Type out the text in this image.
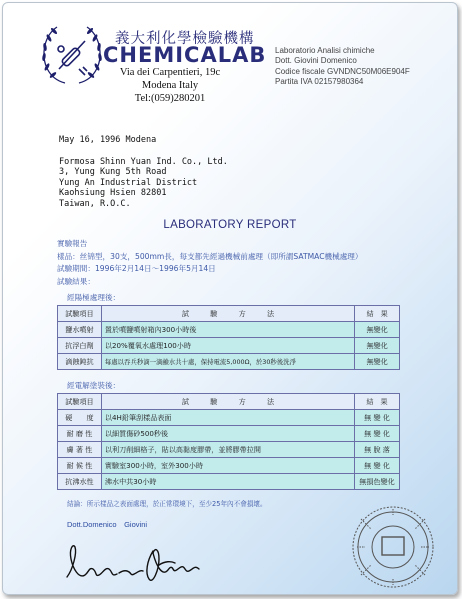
義大利化學檢驗機構
CHEMICALAB
Via dei Carpentieri, 19c
Modena Italy
Tel:(059)280201
Laboratorio Analisi chimiche
Dott. Giovini Domenico
Codice fiscale GVNDNC50M06E904F
Partita IVA 02157980364
May 16, 1996 Modena
Formosa Shinn Yuan Ind. Co., Ltd.
3, Yung Kung 5th Road
Yung An Industrial District
Kaohsiung Hsien 82801
Taiwan, R.O.C.
LABORATORY REPORT
實驗報告
樣品：丝锦型，30支，500mm長，每支都先經過機械前處理（即所謂SATMAC機械處理）
試驗期間：1996年2月14日～1996年5月14日
試驗結果：
經陽極處理後：
試驗項目	試　　　驗　　　方　　　法	結　果
鹽水噴射	置於噴鹽噴射箱內300小時後	無變化
抗浮白劑	以20%覆氧水處理100小時	無變化
滴蝕鈍抗	每處以吞兵秒滴一滴鹼水共十處，保持電流5,000Ω，於30秒後洗淨	無變化
經電解塗裝後：
試驗項目	試　　　驗　　　方　　　法	結　果
硬　　度	以4H鉛筆刮樣品表面	無 變 化
耐 磨 性	以細質傷砂500秒後	無 變 化
膚 著 性	以利刀削細格子，貼以高黏度膠帶，並將膠帶拉開	無 脫 落
耐 候 性	實驗室300小時，室外300小時	無 變 化
抗沸水性	沸水中共30小時	無損色變化
結論：所示樣品之表面處理，於正常環境下，至少25年內不會損壞。
Dott.Domenico　Giovini
